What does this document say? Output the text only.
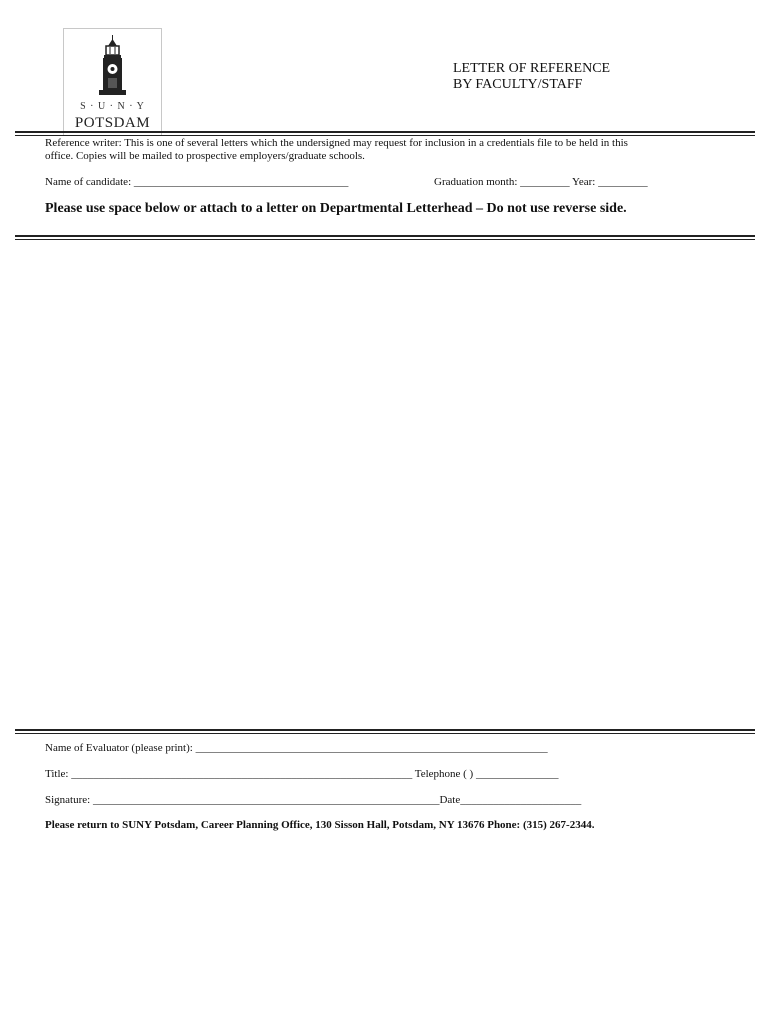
S · U · N · Y
POTSDAM
LETTER OF REFERENCE
BY FACULTY/STAFF
Reference writer: This is one of several letters which the undersigned may request for inclusion in a credentials file to be held in this
office. Copies will be mailed to prospective employers/graduate schools.
Name of candidate: _______________________________________	Graduation month: _________ Year: _________
Please use space below or attach to a letter on Departmental Letterhead – Do not use reverse side.
Name of Evaluator (please print): ________________________________________________________________
Title: ______________________________________________________________ Telephone ( ) _______________
Signature: _______________________________________________________________Date______________________
Please return to SUNY Potsdam, Career Planning Office, 130 Sisson Hall, Potsdam, NY 13676 Phone: (315) 267-2344.
